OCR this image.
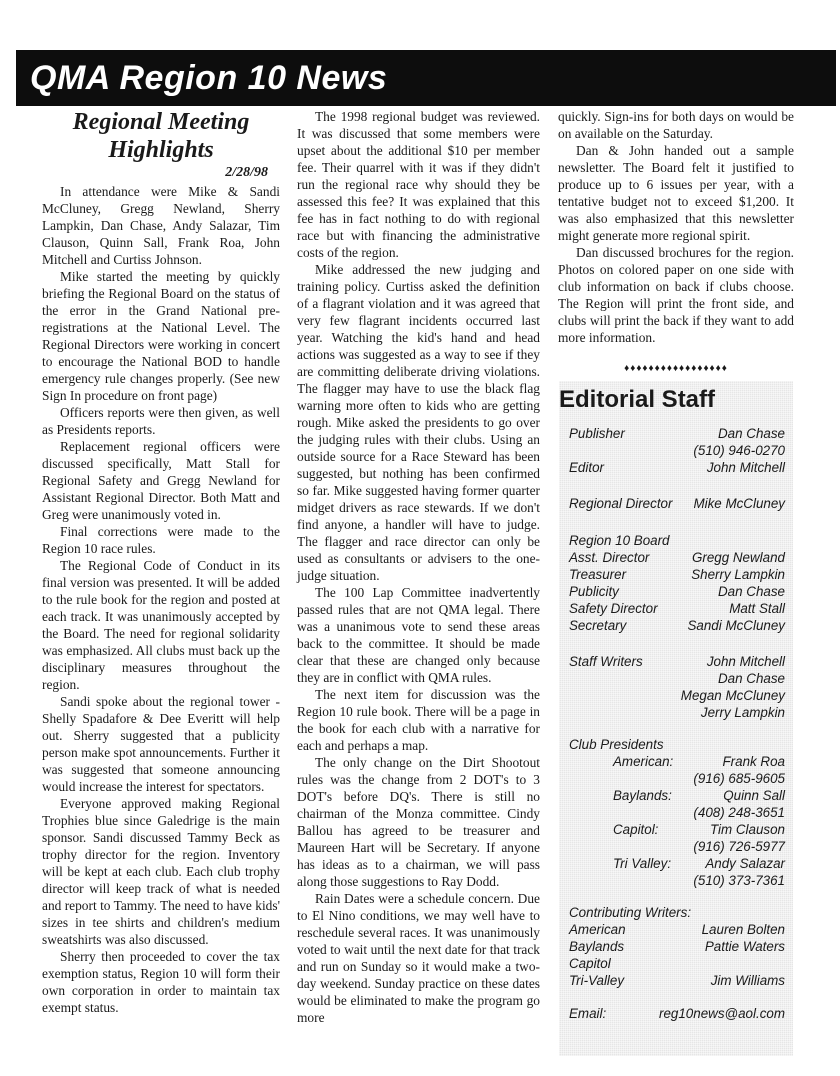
QMA Region 10 News
Regional Meeting
Highlights
2/28/98

In attendance were Mike & Sandi McCluney, Gregg Newland, Sherry Lampkin, Dan Chase, Andy Salazar, Tim Clauson, Quinn Sall, Frank Roa, John Mitchell and Curtiss Johnson.

Mike started the meeting by quickly briefing the Regional Board on the status of the error in the Grand National pre-registrations at the National Level. The Regional Directors were working in concert to encourage the National BOD to handle emergency rule changes properly. (See new Sign In procedure on front page)

Officers reports were then given, as well as Presidents reports.

Replacement regional officers were discussed specifically, Matt Stall for Regional Safety and Gregg Newland for Assistant Regional Director. Both Matt and Greg were unanimously voted in.

Final corrections were made to the Region 10 race rules.

The Regional Code of Conduct in its final version was presented. It will be added to the rule book for the region and posted at each track. It was unanimously accepted by the Board. The need for regional solidarity was emphasized. All clubs must back up the disciplinary measures throughout the region.

Sandi spoke about the regional tower - Shelly Spadafore & Dee Everitt will help out. Sherry suggested that a publicity person make spot announcements. Further it was suggested that someone announcing would increase the interest for spectators.

Everyone approved making Regional Trophies blue since Galedrige is the main sponsor. Sandi discussed Tammy Beck as trophy director for the region. Inventory will be kept at each club. Each club trophy director will keep track of what is needed and report to Tammy. The need to have kids' sizes in tee shirts and children's medium sweatshirts was also discussed.

Sherry then proceeded to cover the tax exemption status, Region 10 will form their own corporation in order to maintain tax exempt status.

The 1998 regional budget was reviewed. It was discussed that some members were upset about the additional $10 per member fee. Their quarrel with it was if they didn't run the regional race why should they be assessed this fee? It was explained that this fee has in fact nothing to do with regional race but with financing the administrative costs of the region.

Mike addressed the new judging and training policy. Curtiss asked the definition of a flagrant violation and it was agreed that very few flagrant incidents occurred last year. Watching the kid's hand and head actions was suggested as a way to see if they are committing deliberate driving violations. The flagger may have to use the black flag warning more often to kids who are getting rough. Mike asked the presidents to go over the judging rules with their clubs. Using an outside source for a Race Steward has been suggested, but nothing has been confirmed so far. Mike suggested having former quarter midget drivers as race stewards. If we don't find anyone, a handler will have to judge. The flagger and race director can only be used as consultants or advisers to the one-judge situation.

The 100 Lap Committee inadvertently passed rules that are not QMA legal. There was a unanimous vote to send these areas back to the committee. It should be made clear that these are changed only because they are in conflict with QMA rules.

The next item for discussion was the Region 10 rule book. There will be a page in the book for each club with a narrative for each and perhaps a map.

The only change on the Dirt Shootout rules was the change from 2 DOT's to 3 DOT's before DQ's. There is still no chairman of the Monza committee. Cindy Ballou has agreed to be treasurer and Maureen Hart will be Secretary. If anyone has ideas as to a chairman, we will pass along those suggestions to Ray Dodd.

Rain Dates were a schedule concern. Due to El Nino conditions, we may well have to reschedule several races. It was unanimously voted to wait until the next date for that track and run on Sunday so it would make a two-day weekend. Sunday practice on these dates would be eliminated to make the program go more

quickly. Sign-ins for both days on would be on available on the Saturday.

Dan & John handed out a sample newsletter. The Board felt it justified to produce up to 6 issues per year, with a tentative budget not to exceed $1,200. It was also emphasized that this newsletter might generate more regional spirit.

Dan discussed brochures for the region. Photos on colored paper on one side with club information on back if clubs choose. The Region will print the front side, and clubs will print the back if they want to add more information.

♦♦♦♦♦♦♦♦♦♦♦♦♦♦♦♦♦
Editorial Staff
Publisher	Dan Chase
(510) 946-0270
Editor	John Mitchell
Regional Director Mike McCluney
Region 10 Board
Asst. Director	Gregg Newland
Treasurer	Sherry Lampkin
Publicity	Dan Chase
Safety Director	Matt Stall
Secretary	Sandi McCluney
Staff Writers	John Mitchell
Dan Chase
Megan McCluney
Jerry Lampkin
Club Presidents
American:	Frank Roa
(916) 685-9605
Baylands:	Quinn Sall
(408) 248-3651
Capitol:	Tim Clauson
(916) 726-5977
Tri Valley:	Andy Salazar
(510) 373-7361
Contributing Writers:
American	Lauren Bolten
Baylands	Pattie Waters
Capitol
Tri-Valley	Jim Williams
Email:	reg10news@aol.com
